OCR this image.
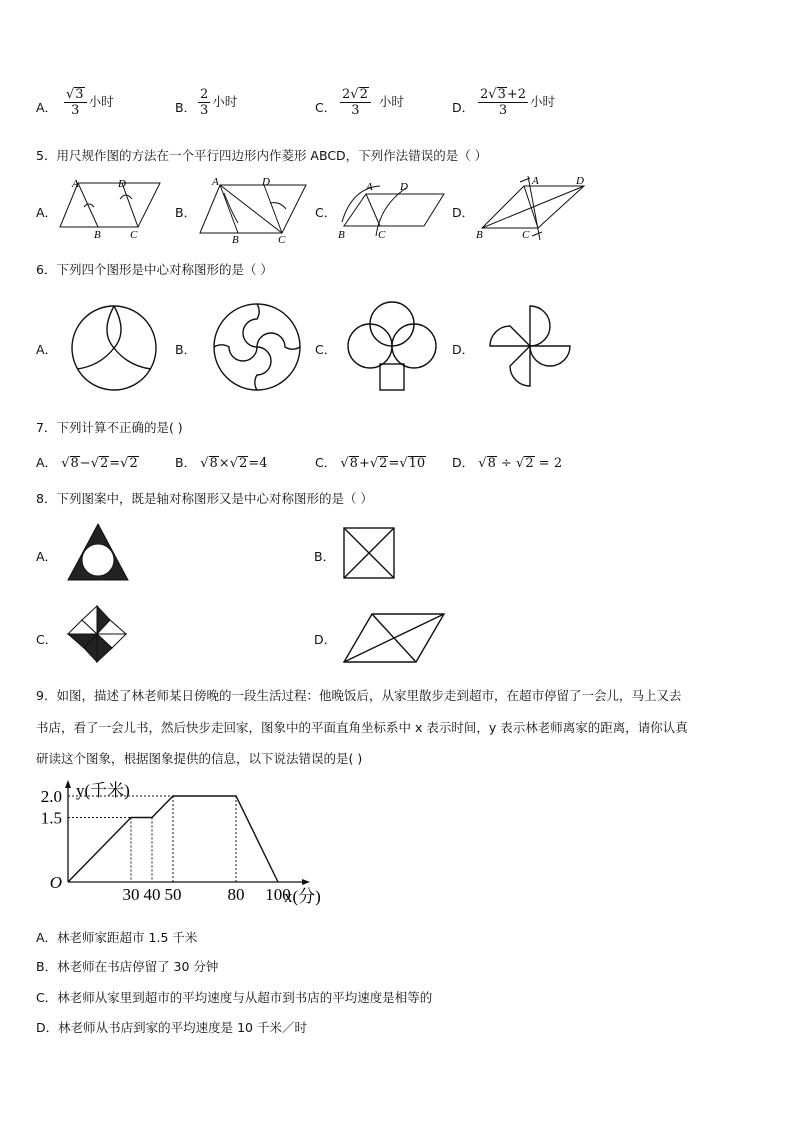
A． $\frac{√3}{3}$ 小时	B． $\frac{2}{3}$ 小时	C． $\frac{2√2}{3}$ 小时	D． $\frac{2√3+2}{3}$ 小时
5．用尺规作图的方法在一个平行四边形内作菱形 ABCD，下列作法错误的是（ ）
A．
A	D
B	C
B．
A	D
B	C
C．
A D
B	C
D．
A	D
B	C
6．下列四个图形是中心对称图形的是（ ）
A．	B．	C．	D．
7．下列计算不正确的是( )
A． √8−√2=√2	B． √8×√2=4	C． √8+√2=√10 D． √8 ÷ √2 = 2
8．下列图案中，既是轴对称图形又是中心对称图形的是（ ）
A．	B．
C．	D．
9．如图，描述了林老师某日傍晚的一段生活过程：他晚饭后，从家里散步走到超市，在超市停留了一会儿，马上又去
书店，看了一会儿书，然后快步走回家，图象中的平面直角坐标系中 x 表示时间，y 表示林老师离家的距离，请你认真
研读这个图象，根据图象提供的信息，以下说法错误的是( )
30 40 50	80 100
1.5
2.0
O
y(千米)
x(分)
A．林老师家距超市 1.5 千米
B．林老师在书店停留了 30 分钟
C．林老师从家里到超市的平均速度与从超市到书店的平均速度是相等的
D．林老师从书店到家的平均速度是 10 千米／时
